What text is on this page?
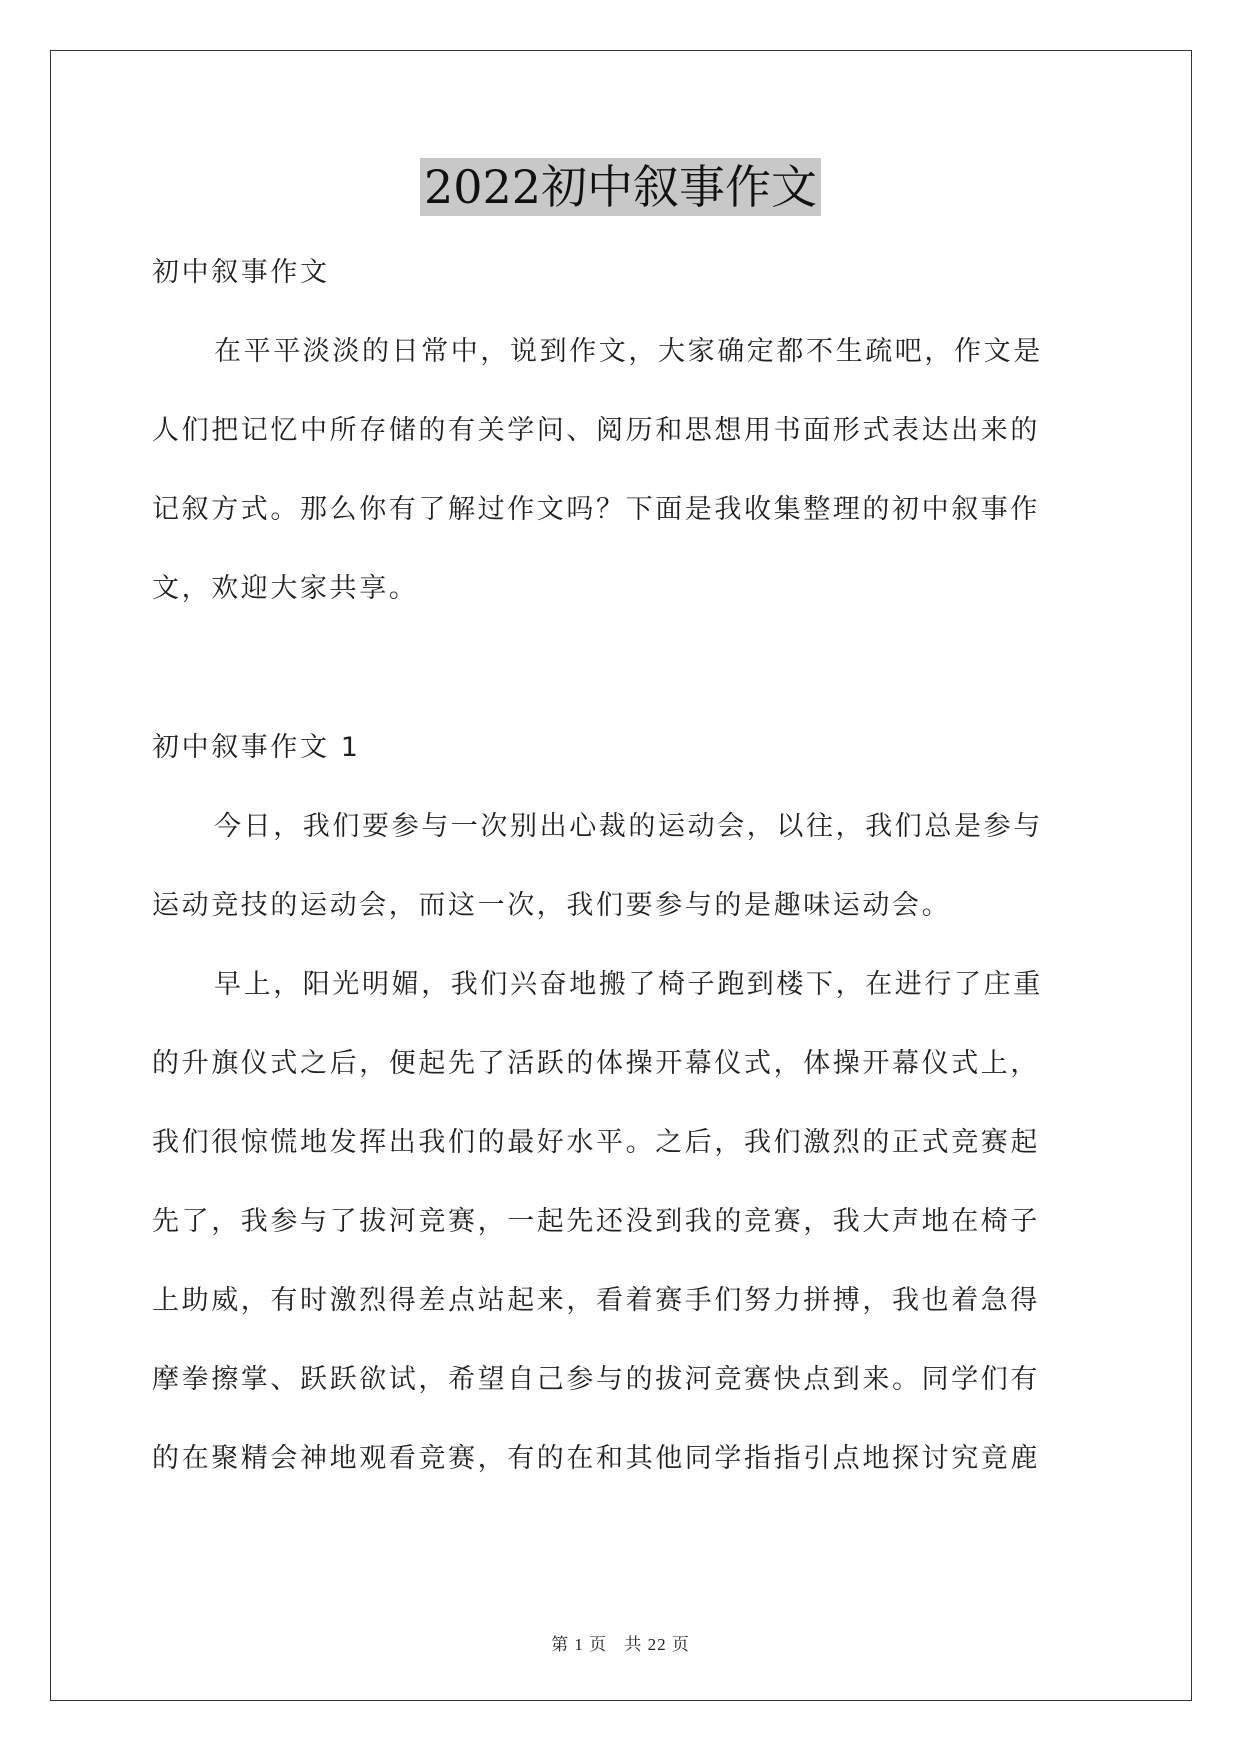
2022初中叙事作文
初中叙事作文
在平平淡淡的日常中，说到作文，大家确定都不生疏吧，作文是
人们把记忆中所存储的有关学问、阅历和思想用书面形式表达出来的
记叙方式。那么你有了解过作文吗？下面是我收集整理的初中叙事作
文，欢迎大家共享。
初中叙事作文 1
今日，我们要参与一次别出心裁的运动会，以往，我们总是参与
运动竞技的运动会，而这一次，我们要参与的是趣味运动会。
早上，阳光明媚，我们兴奋地搬了椅子跑到楼下，在进行了庄重
的升旗仪式之后，便起先了活跃的体操开幕仪式，体操开幕仪式上，
我们很惊慌地发挥出我们的最好水平。之后，我们激烈的正式竞赛起
先了，我参与了拔河竞赛，一起先还没到我的竞赛，我大声地在椅子
上助威，有时激烈得差点站起来，看着赛手们努力拼搏，我也着急得
摩拳擦掌、跃跃欲试，希望自己参与的拔河竞赛快点到来。同学们有
的在聚精会神地观看竞赛，有的在和其他同学指指引点地探讨究竟鹿
第 1 页 共 22 页
